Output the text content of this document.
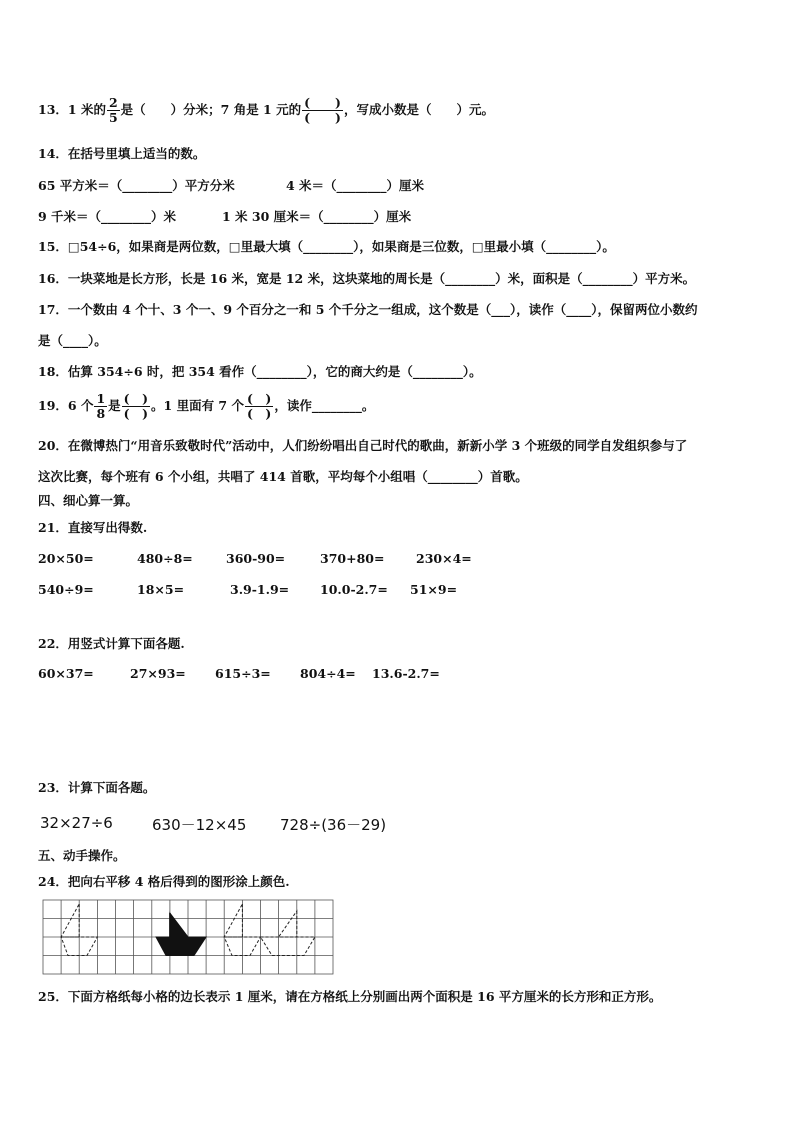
13．1 米的 $\frac{2}{5}$ 是（　　）分米；7 角是 1 元的 $\frac{( )}{( )}$ ，写成小数是（　　）元。
14．在括号里填上适当的数。
65 平方米＝（________）平方分米	4 米＝（________）厘米
9 千米＝（________）米	1 米 30 厘米＝（________）厘米
15．□54÷6，如果商是两位数，□里最大填（________），如果商是三位数，□里最小填（________）。
16．一块菜地是长方形，长是 16 米，宽是 12 米，这块菜地的周长是（________）米，面积是（________）平方米。
17．一个数由 4 个十、3 个一、9 个百分之一和 5 个千分之一组成，这个数是（___），读作（____），保留两位小数约
是（____）。
18．估算 354÷6 时，把 354 看作（________），它的商大约是（________）。
19．6 个 $\frac{1}{8}$ 是 $\frac{( )}{( )}$ 。1 里面有 7 个 $\frac{( )}{( )}$ ，读作________。
20．在微博热门“用音乐致敬时代”活动中，人们纷纷唱出自己时代的歌曲，新新小学 3 个班级的同学自发组织参与了
这次比赛，每个班有 6 个小组，共唱了 414 首歌，平均每个小组唱（________）首歌。
四、细心算一算。
21．直接写出得数.
20×50=	480÷8=	360-90=	370+80=	230×4=
540÷9=	18×5=	3.9-1.9= 10.0-2.7= 51×9=
22．用竖式计算下面各题.
60×37=	27×93= 615÷3= 804÷4= 13.6-2.7=
23．计算下面各题。
32×27÷6	630－12×45 728÷(36－29)
五、动手操作。
24．把向右平移 4 格后得到的图形涂上颜色.
25．下面方格纸每小格的边长表示 1 厘米，请在方格纸上分别画出两个面积是 16 平方厘米的长方形和正方形。
